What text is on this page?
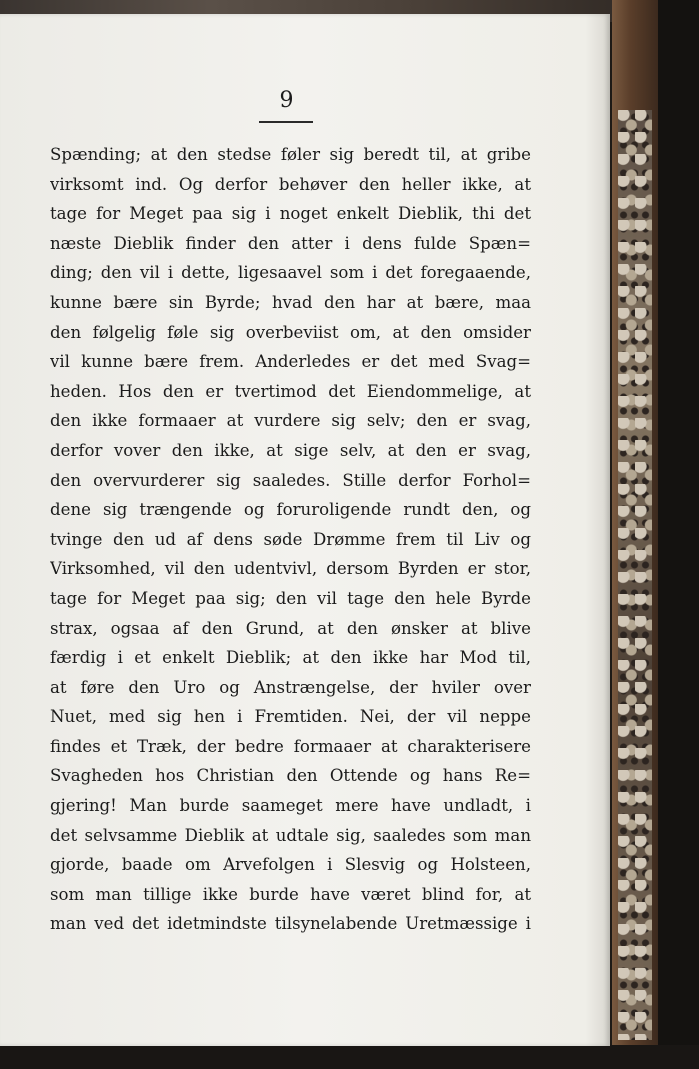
9
Spænding; at den stedse føler sig beredt til, at gribe
virksomt ind. Og derfor behøver den heller ikke, at
tage for Meget paa sig i noget enkelt Dieblik, thi det
næste Dieblik finder den atter i dens fulde Spæn=
ding; den vil i dette, ligesaavel som i det foregaaende,
kunne bære sin Byrde; hvad den har at bære, maa
den følgelig føle sig overbeviist om, at den omsider
vil kunne bære frem. Anderledes er det med Svag=
heden. Hos den er tvertimod det Eiendommelige, at
den ikke formaaer at vurdere sig selv; den er svag,
derfor vover den ikke, at sige selv, at den er svag,
den overvurderer sig saaledes. Stille derfor Forhol=
dene sig trængende og foruroligende rundt den, og
tvinge den ud af dens søde Drømme frem til Liv og
Virksomhed, vil den udentvivl, dersom Byrden er stor,
tage for Meget paa sig; den vil tage den hele Byrde
strax, ogsaa af den Grund, at den ønsker at blive
færdig i et enkelt Dieblik; at den ikke har Mod til,
at føre den Uro og Anstrængelse, der hviler over
Nuet, med sig hen i Fremtiden. Nei, der vil neppe
findes et Træk, der bedre formaaer at charakterisere
Svagheden hos Christian den Ottende og hans Re=
gjering! Man burde saameget mere have undladt, i
det selvsamme Dieblik at udtale sig, saaledes som man
gjorde, baade om Arvefolgen i Slesvig og Holsteen,
som man tillige ikke burde have været blind for, at
man ved det idetmindste tilsynelabende Uretmæssige i
